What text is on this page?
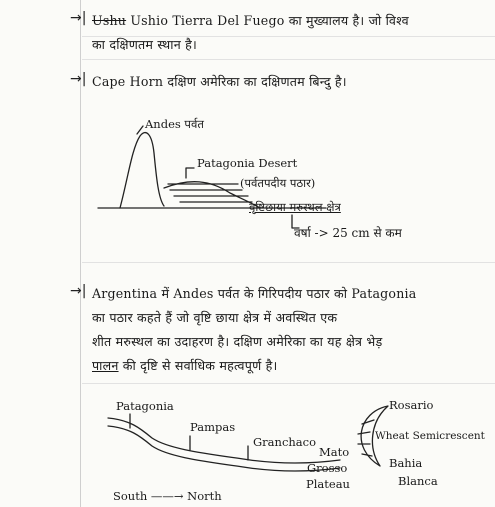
→| Ushu Ushio Tierra Del Fuego का मुख्यालय है। जो विश्व
का दक्षिणतम स्थान है।
→| Cape Horn दक्षिण अमेरिका का दक्षिणतम बिन्दु है।
Andes पर्वत
Patagonia Desert
(पर्वतपदीय पठार)
वृष्टिछाया मरुस्थल क्षेत्र
वर्षा -> 25 cm से कम
→| Argentina में Andes पर्वत के गिरिपदीय पठार को Patagonia
का पठार कहते हैं जो वृष्टि छाया क्षेत्र में अवस्थित एक
शीत मरुस्थल का उदाहरण है। दक्षिण अमेरिका का यह क्षेत्र भेड़
पालन की दृष्टि से सर्वाधिक महत्वपूर्ण है।
Patagonia
Pampas
Granchaco
Mato
Grosso
Plateau
South ——→ North
Rosario
Wheat Semicrescent
Bahia
Blanca
